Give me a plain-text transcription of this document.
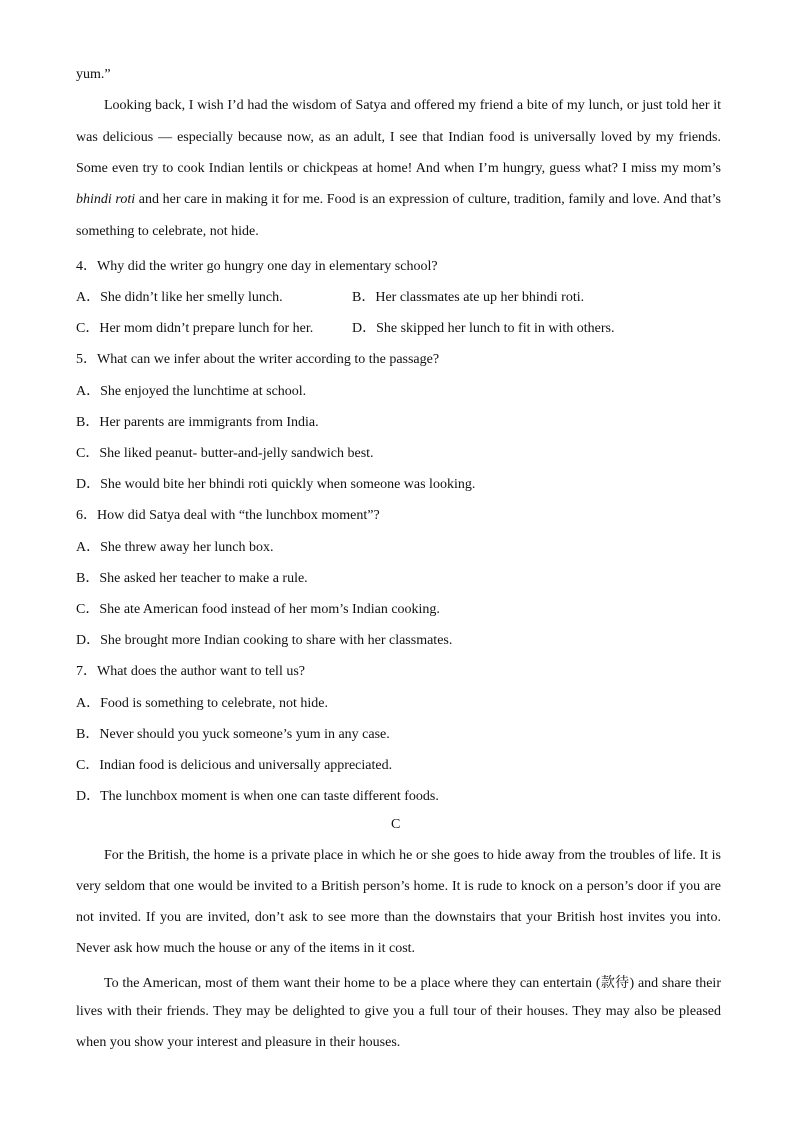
yum.”
Looking back, I wish I’d had the wisdom of Satya and offered my friend a bite of my lunch, or just told her it
was delicious — especially because now, as an adult, I see that Indian food is universally loved by my friends.
Some even try to cook Indian lentils or chickpeas at home! And when I’m hungry, guess what? I miss my mom’s
bhindi roti and her care in making it for me. Food is an expression of culture, tradition, family and love. And that’s
something to celebrate, not hide.
4．Why did the writer go hungry one day in elementary school?
A．She didn’t like her smelly lunch.	B．Her classmates ate up her bhindi roti.
C．Her mom didn’t prepare lunch for her.	D．She skipped her lunch to fit in with others.
5．What can we infer about the writer according to the passage?
A．She enjoyed the lunchtime at school.
B．Her parents are immigrants from India.
C．She liked peanut- butter-and-jelly sandwich best.
D．She would bite her bhindi roti quickly when someone was looking.
6．How did Satya deal with “the lunchbox moment”?
A．She threw away her lunch box.
B．She asked her teacher to make a rule.
C．She ate American food instead of her mom’s Indian cooking.
D．She brought more Indian cooking to share with her classmates.
7．What does the author want to tell us?
A．Food is something to celebrate, not hide.
B．Never should you yuck someone’s yum in any case.
C．Indian food is delicious and universally appreciated.
D．The lunchbox moment is when one can taste different foods.
C
For the British, the home is a private place in which he or she goes to hide away from the troubles of life. It is
very seldom that one would be invited to a British person’s home. It is rude to knock on a person’s door if you are
not invited. If you are invited, don’t ask to see more than the downstairs that your British host invites you into.
Never ask how much the house or any of the items in it cost.
To the American, most of them want their home to be a place where they can entertain (款待) and share their
lives with their friends. They may be delighted to give you a full tour of their houses. They may also be pleased
when you show your interest and pleasure in their houses.
